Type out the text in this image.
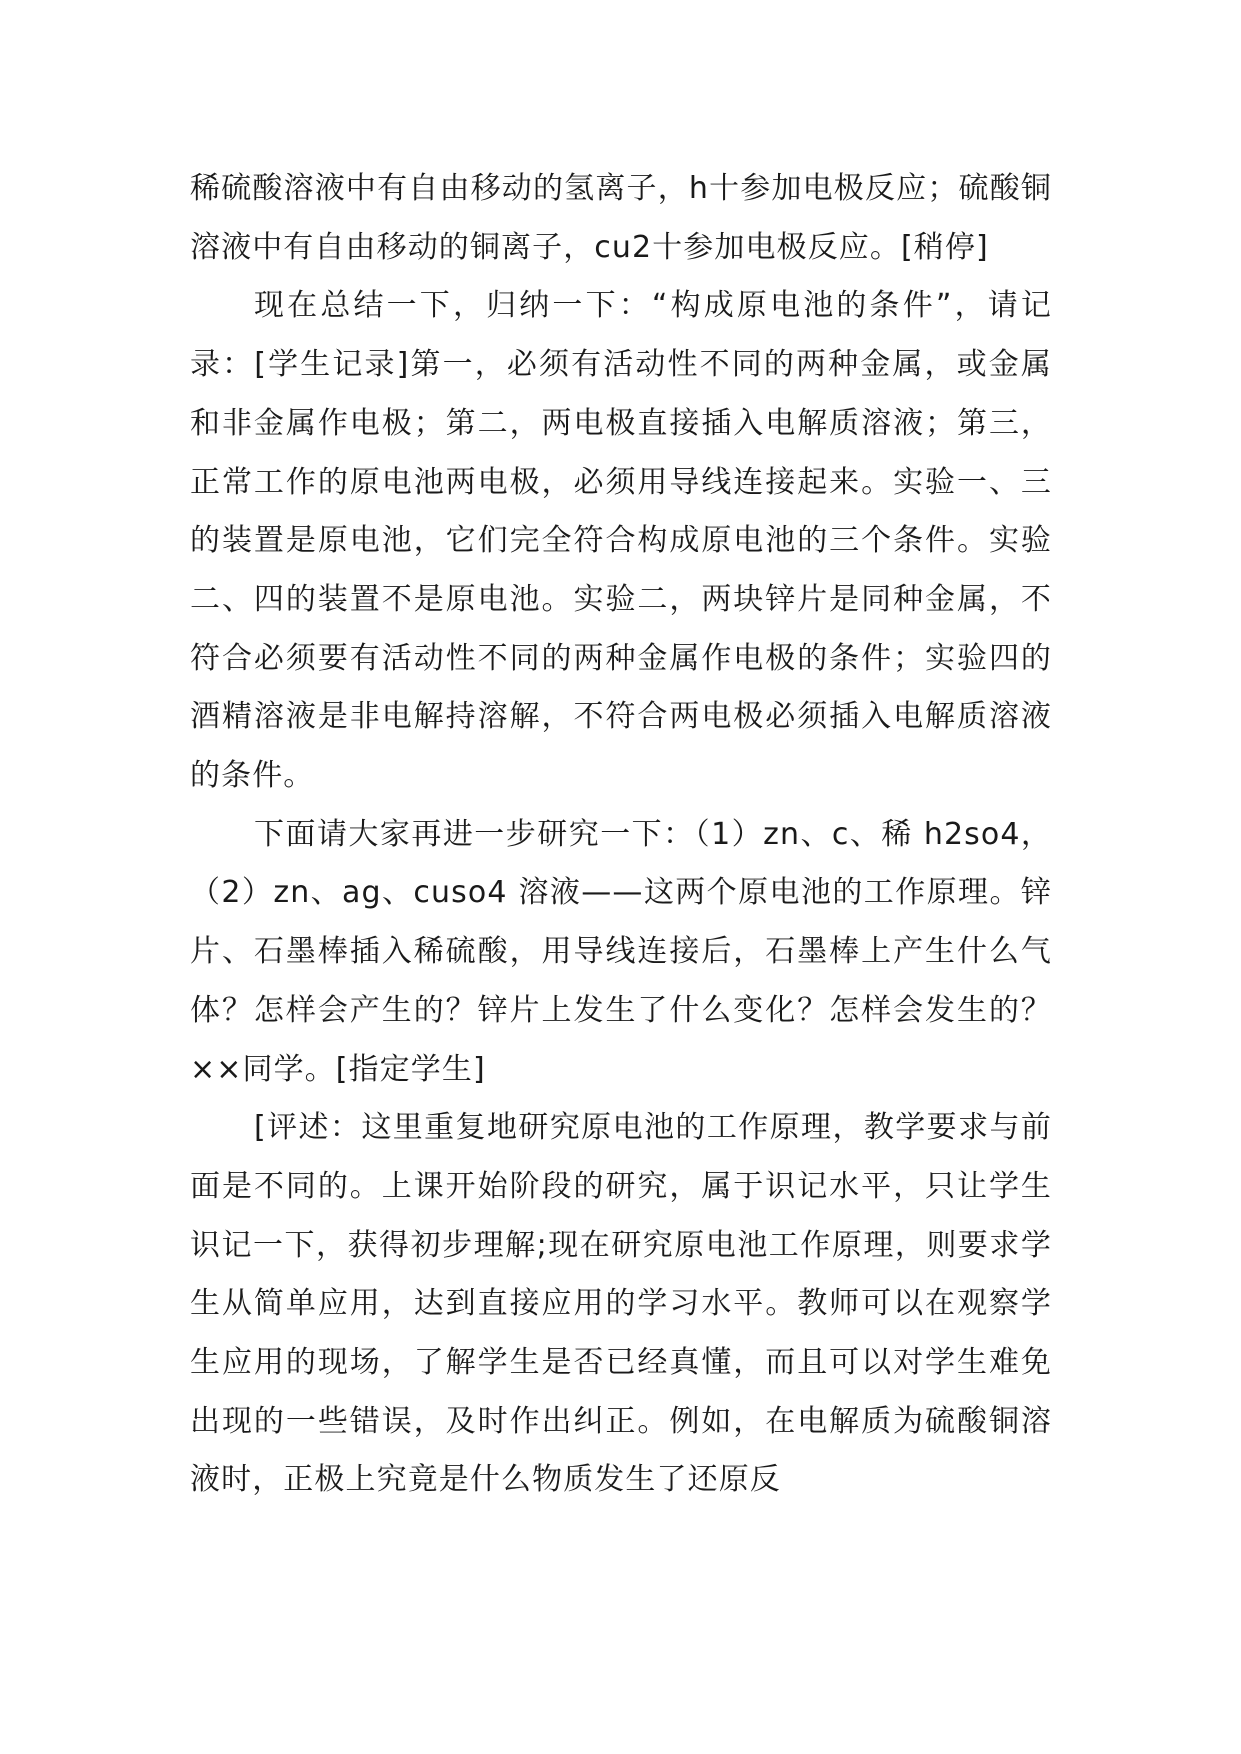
稀硫酸溶液中有自由移动的氢离子，h十参加电极反应；硫酸铜溶液中有自由移动的铜离子，cu2十参加电极反应。[稍停]

现在总结一下，归纳一下：“构成原电池的条件”，请记录：[学生记录]第一，必须有活动性不同的两种金属，或金属和非金属作电极；第二，两电极直接插入电解质溶液；第三，正常工作的原电池两电极，必须用导线连接起来。实验一、三的装置是原电池，它们完全符合构成原电池的三个条件。实验二、四的装置不是原电池。实验二，两块锌片是同种金属，不符合必须要有活动性不同的两种金属作电极的条件；实验四的酒精溶液是非电解持溶解，不符合两电极必须插入电解质溶液的条件。

下面请大家再进一步研究一下：（1）zn、c、稀 h2so4，（2）zn、ag、cuso4 溶液——这两个原电池的工作原理。锌片、石墨棒插入稀硫酸，用导线连接后，石墨棒上产生什么气体？怎样会产生的？锌片上发生了什么变化？怎样会发生的？××同学。[指定学生]

[评述：这里重复地研究原电池的工作原理，教学要求与前面是不同的。上课开始阶段的研究，属于识记水平，只让学生识记一下，获得初步理解;现在研究原电池工作原理，则要求学生从简单应用，达到直接应用的学习水平。教师可以在观察学生应用的现场，了解学生是否已经真懂，而且可以对学生难免出现的一些错误，及时作出纠正。例如，在电解质为硫酸铜溶液时，正极上究竟是什么物质发生了还原反
